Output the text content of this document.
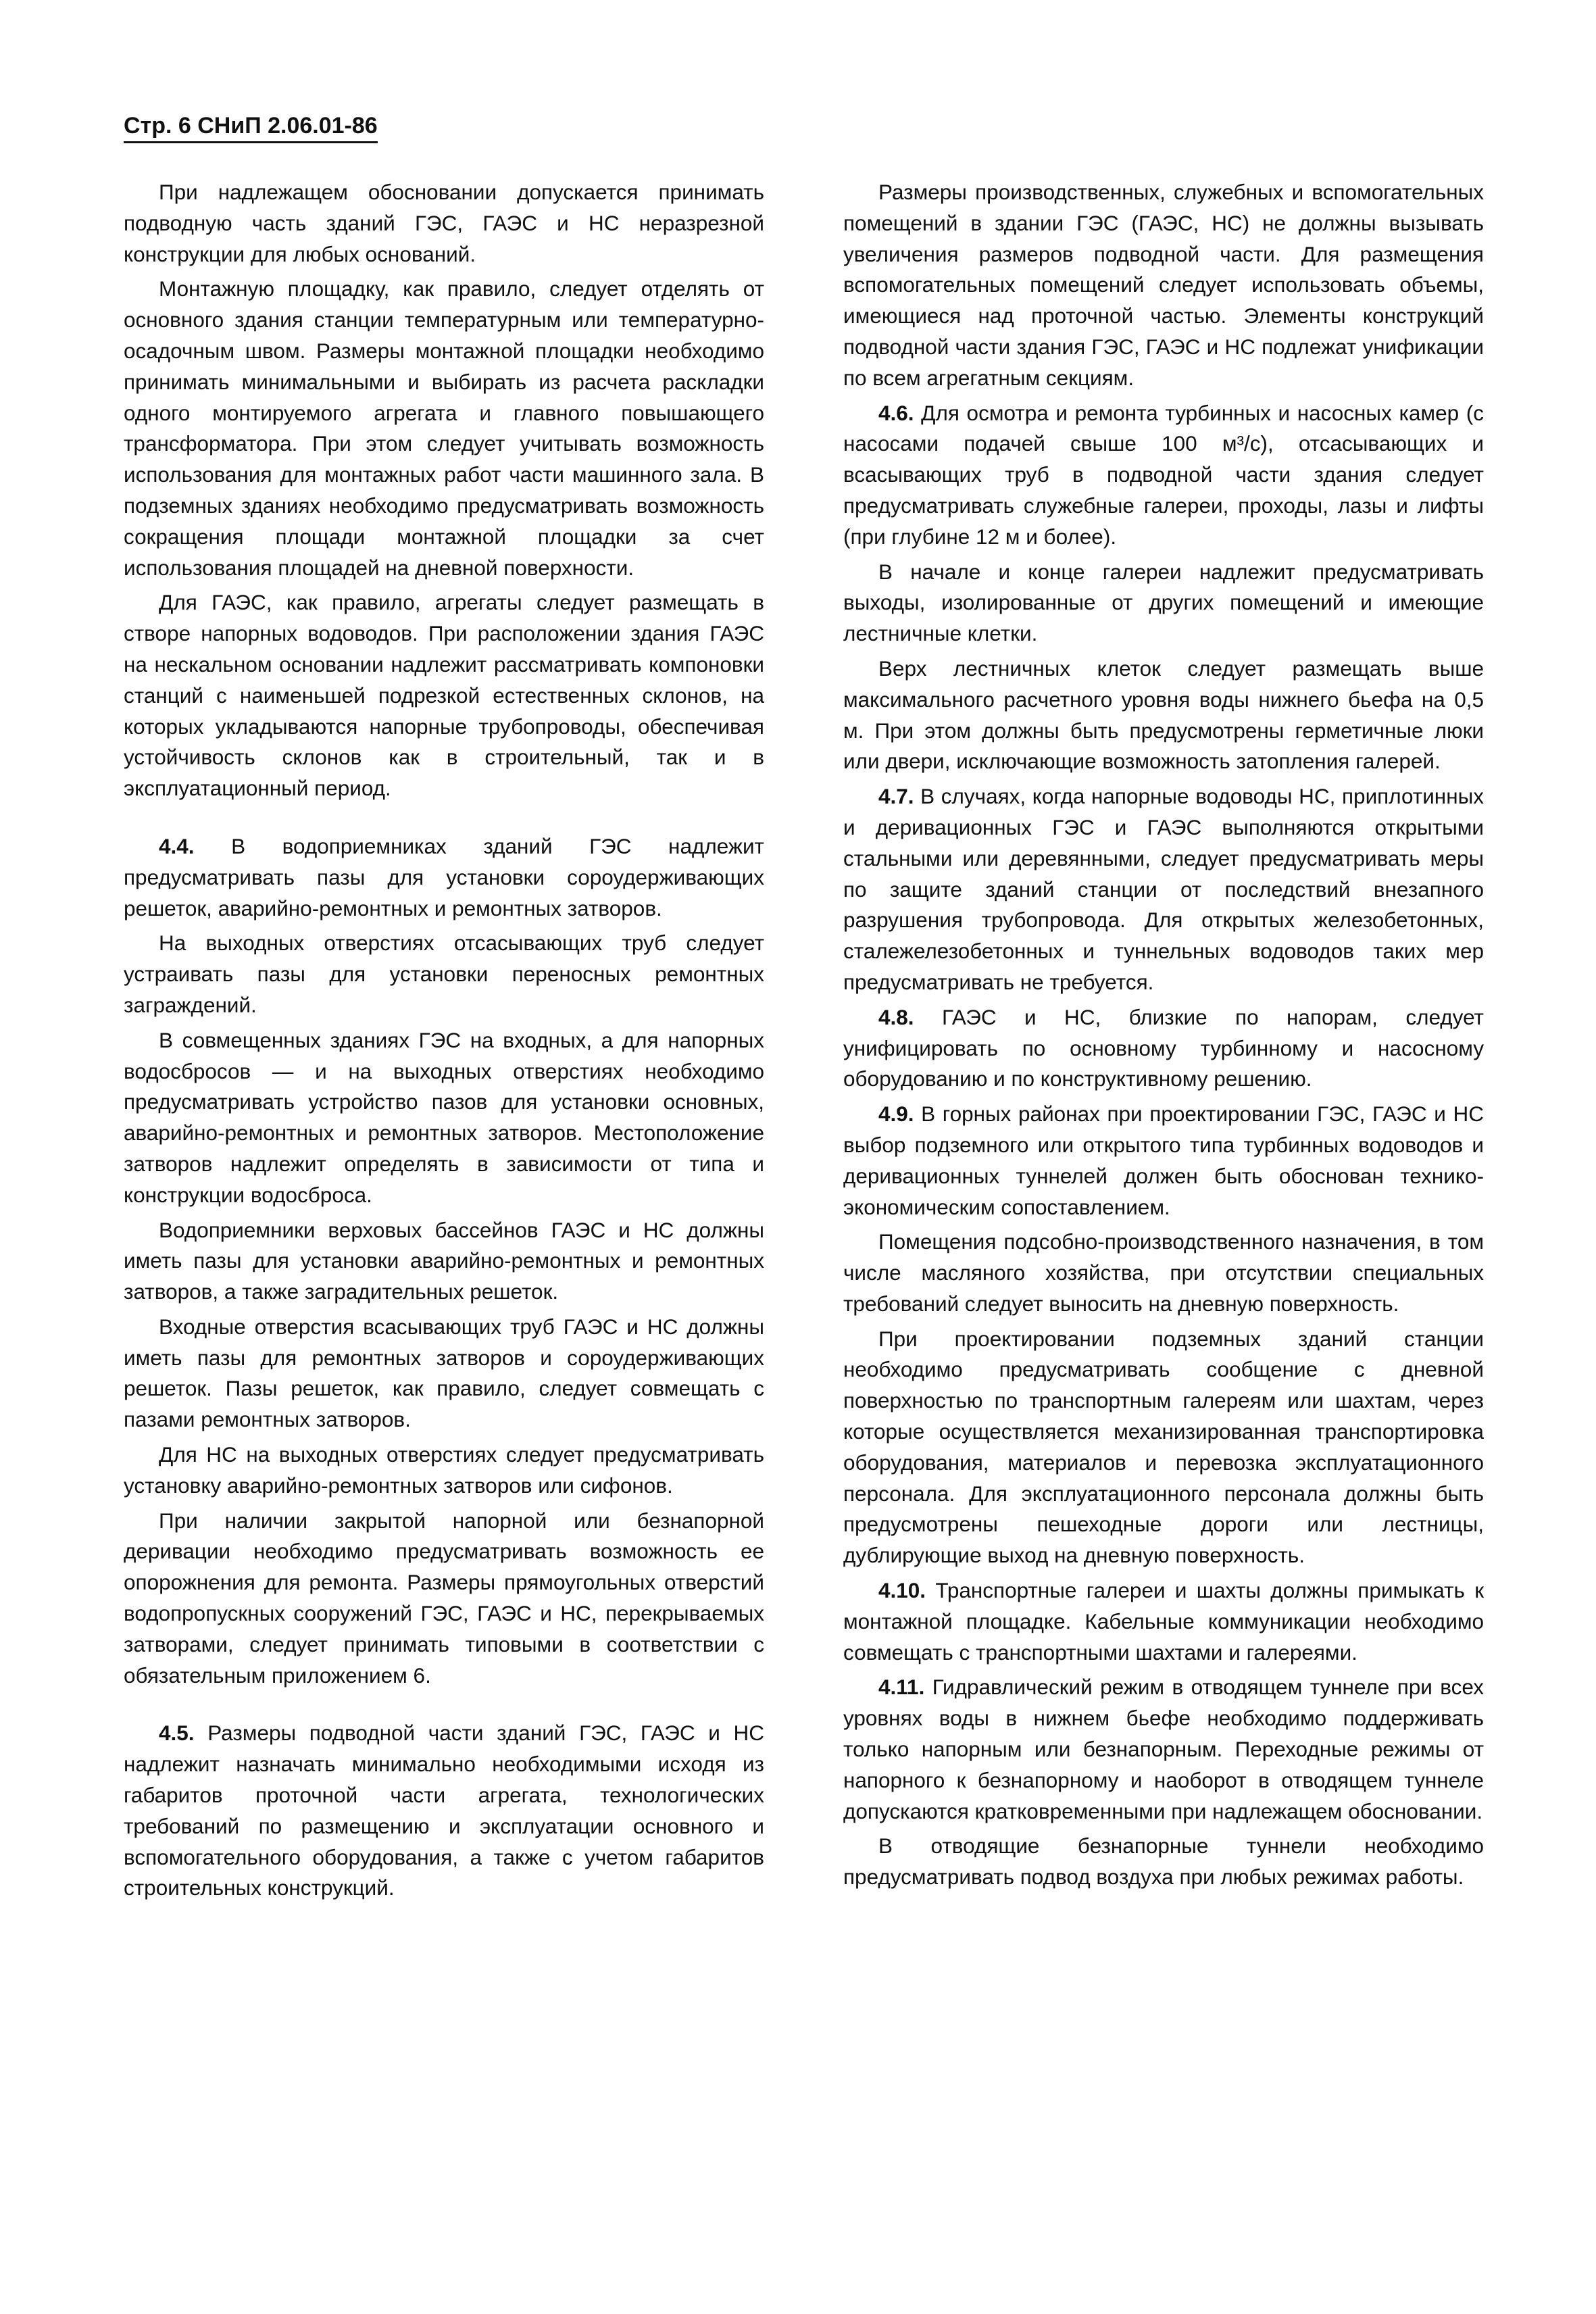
Стр. 6 СНиП 2.06.01-86

При надлежащем обосновании допускается принимать подводную часть зданий ГЭС, ГАЭС и НС неразрезной конструкции для любых оснований.

Монтажную площадку, как правило, следует отделять от основного здания станции температурным или температурно-осадочным швом. Размеры монтажной площадки необходимо принимать минимальными и выбирать из расчета раскладки одного монтируемого агрегата и главного повышающего трансформатора. При этом следует учитывать возможность использования для монтажных работ части машинного зала. В подземных зданиях необходимо предусматривать возможность сокращения площади монтажной площадки за счет использования площадей на дневной поверхности.

Для ГАЭС, как правило, агрегаты следует размещать в створе напорных водоводов. При расположении здания ГАЭС на нескальном основании надлежит рассматривать компоновки станций с наименьшей подрезкой естественных склонов, на которых укладываются напорные трубопроводы, обеспечивая устойчивость склонов как в строительный, так и в эксплуатационный период.

4.4. В водоприемниках зданий ГЭС надлежит предусматривать пазы для установки сороудерживающих решеток, аварийно-ремонтных и ремонтных затворов.

На выходных отверстиях отсасывающих труб следует устраивать пазы для установки переносных ремонтных заграждений.

В совмещенных зданиях ГЭС на входных, а для напорных водосбросов — и на выходных отверстиях необходимо предусматривать устройство пазов для установки основных, аварийно-ремонтных и ремонтных затворов. Местоположение затворов надлежит определять в зависимости от типа и конструкции водосброса.

Водоприемники верховых бассейнов ГАЭС и НС должны иметь пазы для установки аварийно-ремонтных и ремонтных затворов, а также заградительных решеток.

Входные отверстия всасывающих труб ГАЭС и НС должны иметь пазы для ремонтных затворов и сороудерживающих решеток. Пазы решеток, как правило, следует совмещать с пазами ремонтных затворов.

Для НС на выходных отверстиях следует предусматривать установку аварийно-ремонтных затворов или сифонов.

При наличии закрытой напорной или безнапорной деривации необходимо предусматривать возможность ее опорожнения для ремонта. Размеры прямоугольных отверстий водопропускных сооружений ГЭС, ГАЭС и НС, перекрываемых затворами, следует принимать типовыми в соответствии с обязательным приложением 6.

4.5. Размеры подводной части зданий ГЭС, ГАЭС и НС надлежит назначать минимально необходимыми исходя из габаритов проточной части агрегата, технологических требований по размещению и эксплуатации основного и вспомогательного оборудования, а также с учетом габаритов строительных конструкций.

Размеры производственных, служебных и вспомогательных помещений в здании ГЭС (ГАЭС, НС) не должны вызывать увеличения размеров подводной части. Для размещения вспомогательных помещений следует использовать объемы, имеющиеся над проточной частью. Элементы конструкций подводной части здания ГЭС, ГАЭС и НС подлежат унификации по всем агрегатным секциям.

4.6. Для осмотра и ремонта турбинных и насосных камер (с насосами подачей свыше 100 м³/с), отсасывающих и всасывающих труб в подводной части здания следует предусматривать служебные галереи, проходы, лазы и лифты (при глубине 12 м и более).

В начале и конце галереи надлежит предусматривать выходы, изолированные от других помещений и имеющие лестничные клетки.

Верх лестничных клеток следует размещать выше максимального расчетного уровня воды нижнего бьефа на 0,5 м. При этом должны быть предусмотрены герметичные люки или двери, исключающие возможность затопления галерей.

4.7. В случаях, когда напорные водоводы НС, приплотинных и деривационных ГЭС и ГАЭС выполняются открытыми стальными или деревянными, следует предусматривать меры по защите зданий станции от последствий внезапного разрушения трубопровода. Для открытых железобетонных, сталежелезобетонных и туннельных водоводов таких мер предусматривать не требуется.

4.8. ГАЭС и НС, близкие по напорам, следует унифицировать по основному турбинному и насосному оборудованию и по конструктивному решению.

4.9. В горных районах при проектировании ГЭС, ГАЭС и НС выбор подземного или открытого типа турбинных водоводов и деривационных туннелей должен быть обоснован технико-экономическим сопоставлением.

Помещения подсобно-производственного назначения, в том числе масляного хозяйства, при отсутствии специальных требований следует выносить на дневную поверхность.

При проектировании подземных зданий станции необходимо предусматривать сообщение с дневной поверхностью по транспортным галереям или шахтам, через которые осуществляется механизированная транспортировка оборудования, материалов и перевозка эксплуатационного персонала. Для эксплуатационного персонала должны быть предусмотрены пешеходные дороги или лестницы, дублирующие выход на дневную поверхность.

4.10. Транспортные галереи и шахты должны примыкать к монтажной площадке. Кабельные коммуникации необходимо совмещать с транспортными шахтами и галереями.

4.11. Гидравлический режим в отводящем туннеле при всех уровнях воды в нижнем бьефе необходимо поддерживать только напорным или безнапорным. Переходные режимы от напорного к безнапорному и наоборот в отводящем туннеле допускаются кратковременными при надлежащем обосновании.

В отводящие безнапорные туннели необходимо предусматривать подвод воздуха при любых режимах работы.
